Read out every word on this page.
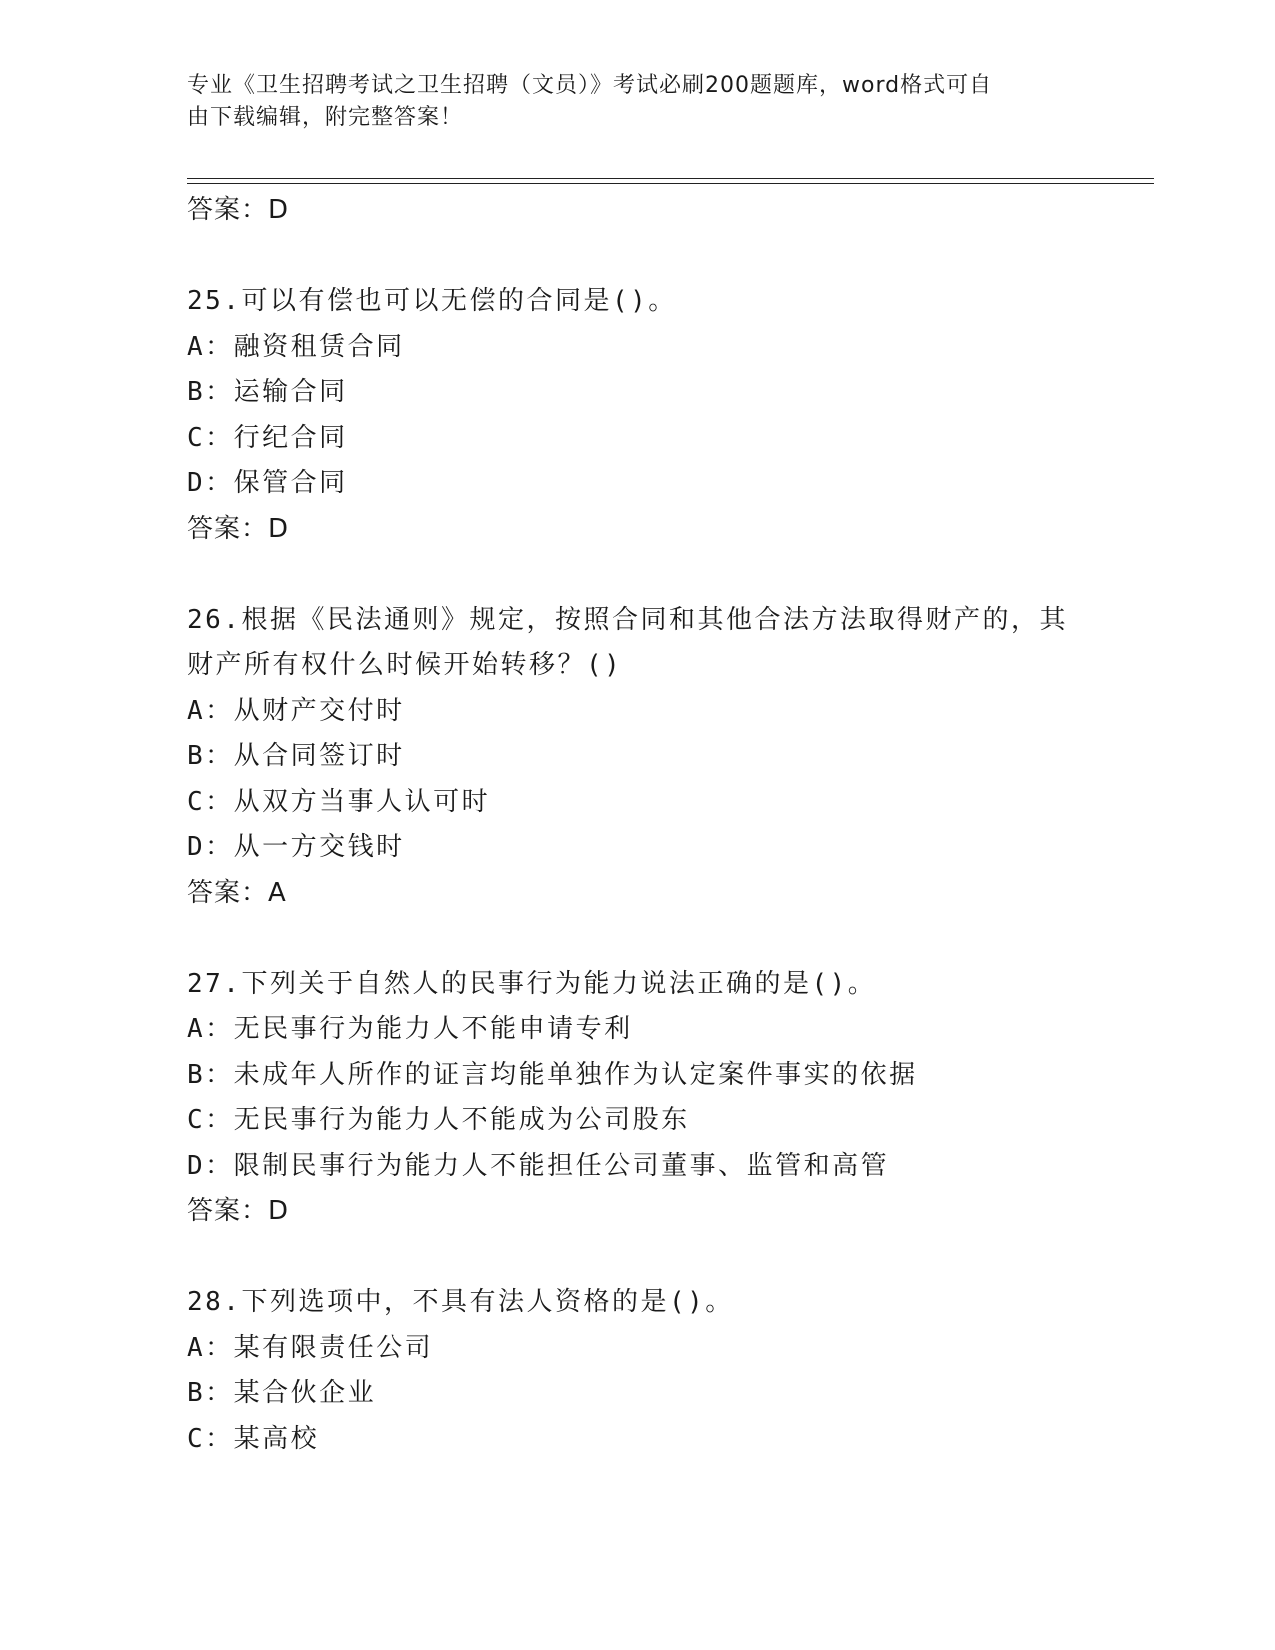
专业《卫生招聘考试之卫生招聘（文员）》考试必刷200题题库，word格式可自
由下载编辑，附完整答案！
答案：D
25.可以有偿也可以无偿的合同是()。
A：融资租赁合同
B：运输合同
C：行纪合同
D：保管合同
答案：D
26.根据《民法通则》规定，按照合同和其他合法方法取得财产的，其
财产所有权什么时候开始转移？()
A：从财产交付时
B：从合同签订时
C：从双方当事人认可时
D：从一方交钱时
答案：A
27.下列关于自然人的民事行为能力说法正确的是()。
A：无民事行为能力人不能申请专利
B：未成年人所作的证言均能单独作为认定案件事实的依据
C：无民事行为能力人不能成为公司股东
D：限制民事行为能力人不能担任公司董事、监管和高管
答案：D
28.下列选项中，不具有法人资格的是()。
A：某有限责任公司
B：某合伙企业
C：某高校
